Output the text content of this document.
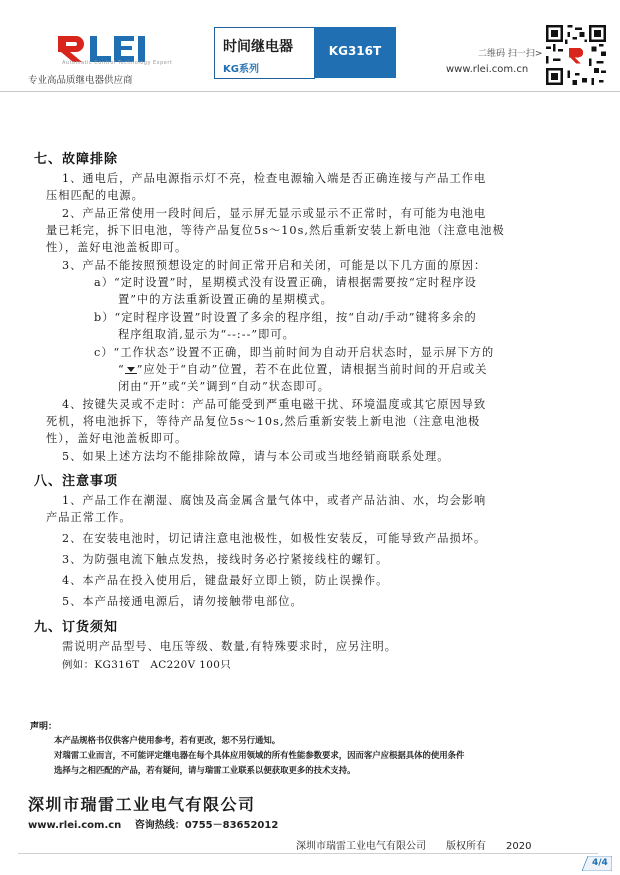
Automatic Control Technology Expert
专业高品质继电器供应商
时间继电器
KG系列
KG316T	二维码 扫一扫>
www.rlei.com.cn
七、故障排除
1、通电后，产品电源指示灯不亮，检查电源输入端是否正确连接与产品工作电
压相匹配的电源。
2、产品正常使用一段时间后，显示屏无显示或显示不正常时，有可能为电池电
量已耗完，拆下旧电池，等待产品复位5s～10s,然后重新安装上新电池（注意电池极
性），盖好电池盖板即可。
3、产品不能按照预想设定的时间正常开启和关闭，可能是以下几方面的原因：
a）“定时设置”时，星期模式没有设置正确，请根据需要按“定时程序设
置”中的方法重新设置正确的星期模式。
b）“定时程序设置”时设置了多余的程序组，按“自动/手动”键将多余的
程序组取消,显示为“--:--”即可。
c）“工作状态”设置不正确，即当前时间为自动开启状态时，显示屏下方的
“ ”应处于“自动”位置，若不在此位置，请根据当前时间的开启或关
闭由“开”或“关”调到“自动”状态即可。
4、按键失灵或不走时：产品可能受到严重电磁干扰、环境温度或其它原因导致
死机，将电池拆下，等待产品复位5s～10s,然后重新安装上新电池（注意电池极
性），盖好电池盖板即可。
5、如果上述方法均不能排除故障，请与本公司或当地经销商联系处理。
八、注意事项
1、产品工作在潮湿、腐蚀及高金属含量气体中，或者产品沾油、水，均会影响
产品正常工作。
2、在安装电池时，切记请注意电池极性，如极性安装反，可能导致产品损坏。
3、为防强电流下触点发热，接线时务必拧紧接线柱的螺钉。
4、本产品在投入使用后，键盘最好立即上锁，防止误操作。
5、本产品接通电源后，请勿接触带电部位。
九、订货须知
需说明产品型号、电压等级、数量,有特殊要求时，应另注明。
例如：KG316T　AC220V 100只
声明：
本产品规格书仅供客户使用参考，若有更改，恕不另行通知。
对瑞雷工业而言，不可能评定继电器在每个具体应用领域的所有性能参数要求，因而客户应根据具体的使用条件
选择与之相匹配的产品，若有疑问，请与瑞雷工业联系以便获取更多的技术支持。
深圳市瑞雷工业电气有限公司
www.rlei.com.cn　 咨询热线：0755－83652012
深圳市瑞雷工业电气有限公司　　版权所有　　2020
4/4
